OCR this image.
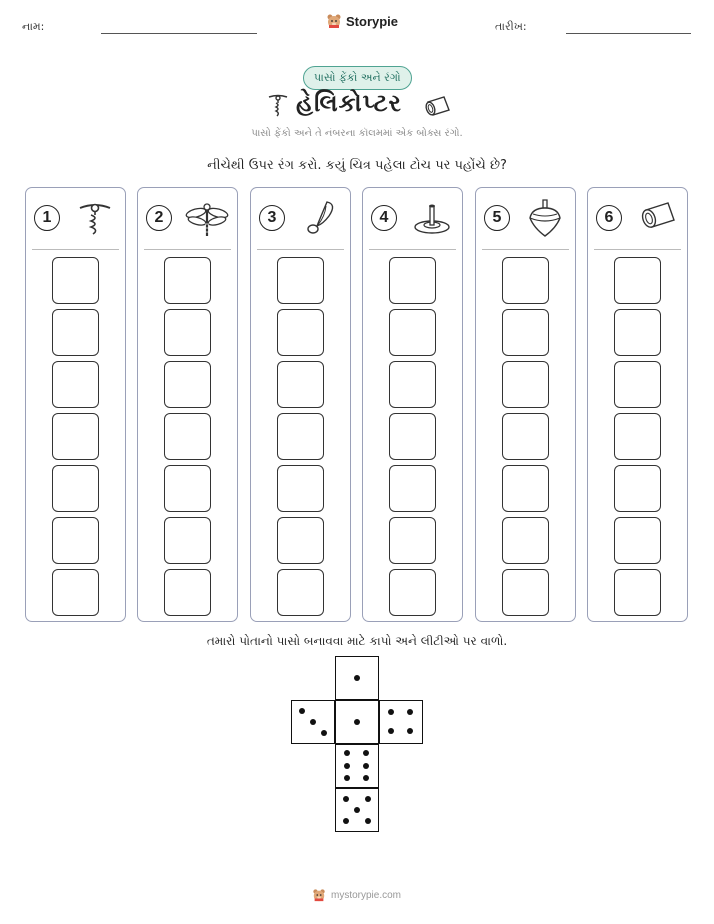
નામ:	Storypie	તારીખ:
પાસો ફેંકો અને રંગો
હેલિકોપ્ટર
પાસો ફેંકો અને તે નંબરના કૉલમમાં એક બોક્સ રંગો.
નીચેથી ઉપર રંગ કરો. કયું ચિત્ર પહેલા ટોચ પર પહોંચે છે?
1	2	3	4	5	6
તમારો પોતાનો પાસો બનાવવા માટે કાપો અને લીટીઓ પર વાળો.
mystorypie.com
